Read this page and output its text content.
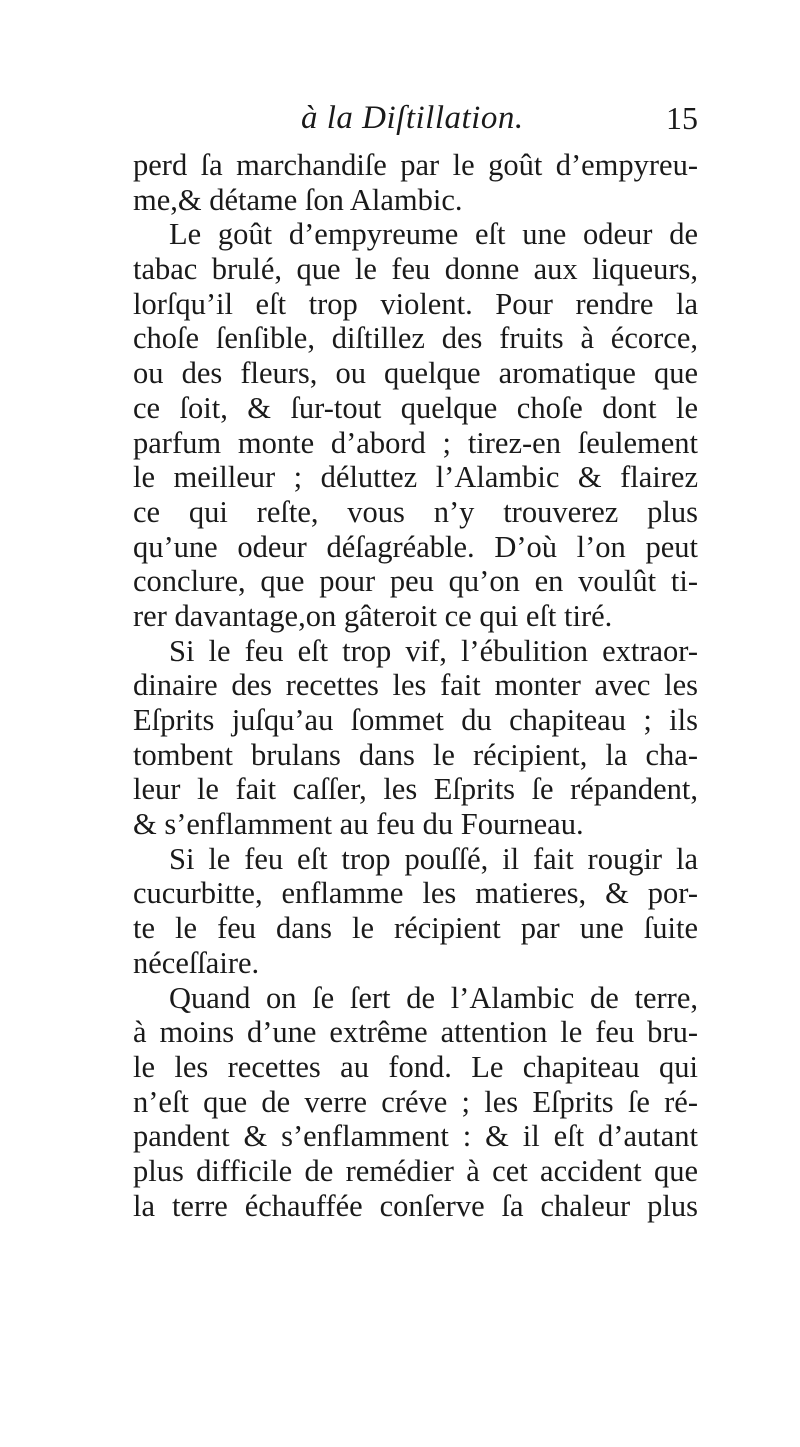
à la Diſtillation.	15
perd ſa marchandiſe par le goût d’empyreu-
me,& détame ſon Alambic.
Le goût d’empyreume eſt une odeur de
tabac brulé, que le feu donne aux liqueurs,
lorſqu’il eſt trop violent. Pour rendre la
choſe ſenſible, diſtillez des fruits à écorce,
ou des fleurs, ou quelque aromatique que
ce ſoit, & ſur-tout quelque choſe dont le
parfum monte d’abord ; tirez-en ſeulement
le meilleur ; déluttez l’Alambic & flairez
ce qui reſte, vous n’y trouverez plus
qu’une odeur déſagréable. D’où l’on peut
conclure, que pour peu qu’on en voulût ti-
rer davantage,on gâteroit ce qui eſt tiré.
Si le feu eſt trop vif, l’ébulition extraor-
dinaire des recettes les fait monter avec les
Eſprits juſqu’au ſommet du chapiteau ; ils
tombent brulans dans le récipient, la cha-
leur le fait caſſer, les Eſprits ſe répandent,
& s’enflamment au feu du Fourneau.
Si le feu eſt trop pouſſé, il fait rougir la
cucurbitte, enflamme les matieres, & por-
te le feu dans le récipient par une ſuite
néceſſaire.
Quand on ſe ſert de l’Alambic de terre,
à moins d’une extrême attention le feu bru-
le les recettes au fond. Le chapiteau qui
n’eſt que de verre créve ; les Eſprits ſe ré-
pandent & s’enflamment : & il eſt d’autant
plus difficile de remédier à cet accident que
la terre échauffée conſerve ſa chaleur plus
